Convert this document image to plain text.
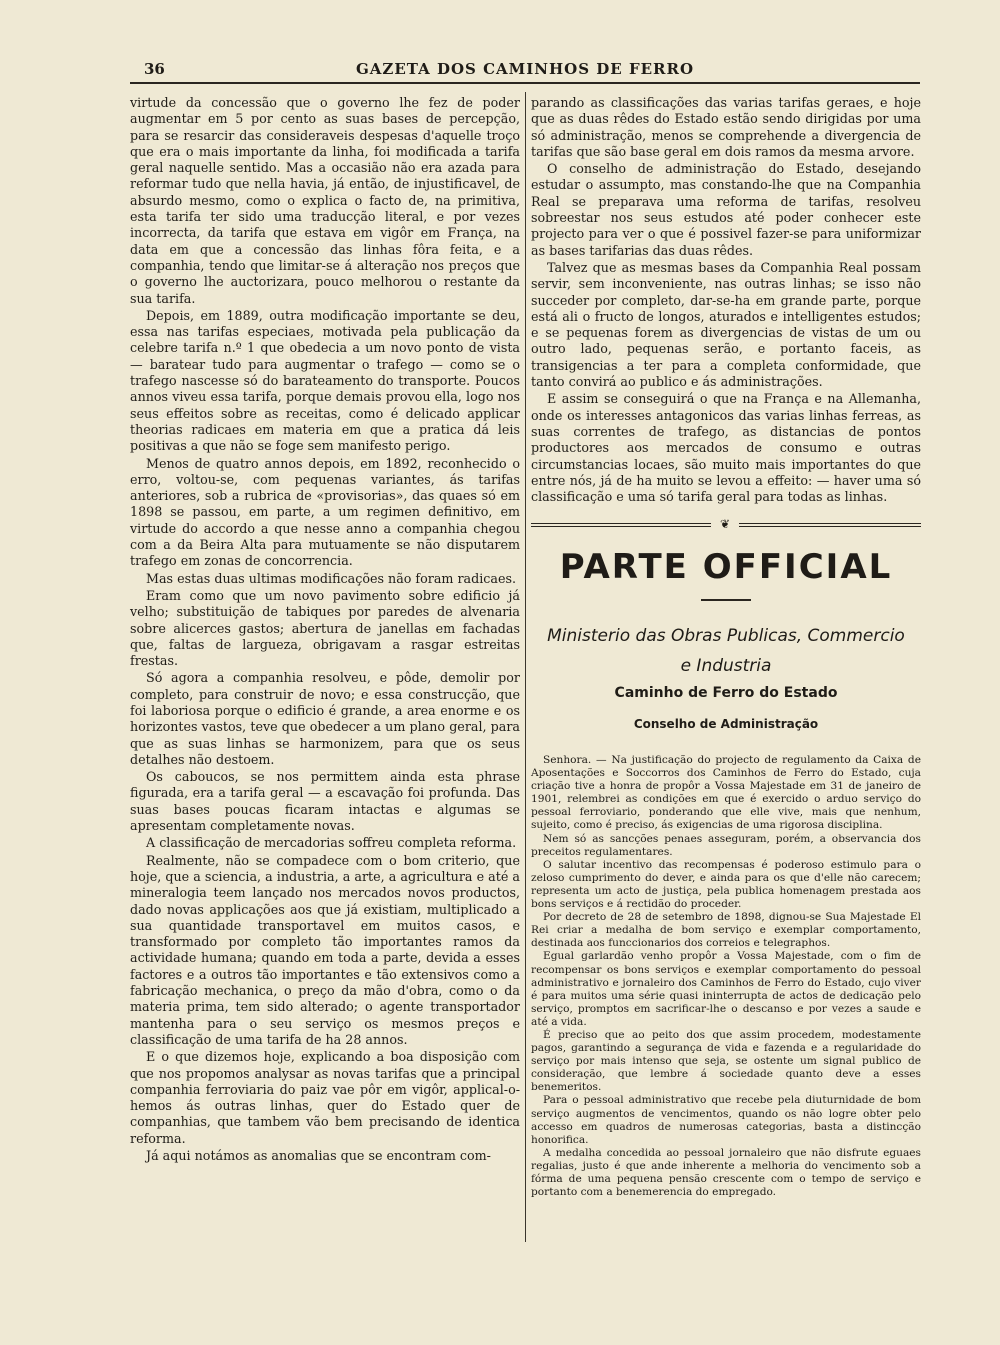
36	GAZETA DOS CAMINHOS DE FERRO

virtude da concessão que o governo lhe fez de poder augmentar em 5 por cento as suas bases de percepção, para se resarcir das consideraveis despesas d'aquelle troço que era o mais importante da linha, foi modificada a tarifa geral naquelle sentido. Mas a occasião não era azada para reformar tudo que nella havia, já então, de injustificavel, de absurdo mesmo, como o explica o facto de, na primitiva, esta tarifa ter sido uma traducção literal, e por vezes incorrecta, da tarifa que estava em vigôr em França, na data em que a concessão das linhas fôra feita, e a companhia, tendo que limitar-se á alteração nos preços que o governo lhe auctorizara, pouco melhorou o restante da sua tarifa.

Depois, em 1889, outra modificação importante se deu, essa nas tarifas especiaes, motivada pela publicação da celebre tarifa n.º 1 que obedecia a um novo ponto de vista — baratear tudo para augmentar o trafego — como se o trafego nascesse só do barateamento do transporte. Poucos annos viveu essa tarifa, porque demais provou ella, logo nos seus effeitos sobre as receitas, como é delicado applicar theorias radicaes em materia em que a pratica dá leis positivas a que não se foge sem manifesto perigo.

Menos de quatro annos depois, em 1892, reconhecido o erro, voltou-se, com pequenas variantes, ás tarifas anteriores, sob a rubrica de «provisorias», das quaes só em 1898 se passou, em parte, a um regimen definitivo, em virtude do accordo a que nesse anno a companhia chegou com a da Beira Alta para mutuamente se não disputarem trafego em zonas de concorrencia.

Mas estas duas ultimas modificações não foram radicaes.

Eram como que um novo pavimento sobre edificio já velho; substituição de tabiques por paredes de alvenaria sobre alicerces gastos; abertura de janellas em fachadas que, faltas de largueza, obrigavam a rasgar estreitas frestas.

Só agora a companhia resolveu, e pôde, demolir por completo, para construir de novo; e essa construcção, que foi laboriosa porque o edificio é grande, a area enorme e os horizontes vastos, teve que obedecer a um plano geral, para que as suas linhas se harmonizem, para que os seus detalhes não destoem.

Os caboucos, se nos permittem ainda esta phrase figurada, era a tarifa geral — a escavação foi profunda. Das suas bases poucas ficaram intactas e algumas se apresentam completamente novas.

A classificação de mercadorias soffreu completa reforma.

Realmente, não se compadece com o bom criterio, que hoje, que a sciencia, a industria, a arte, a agricultura e até a mineralogia teem lançado nos mercados novos productos, dado novas applicações aos que já existiam, multiplicado a sua quantidade transportavel em muitos casos, e transformado por completo tão importantes ramos da actividade humana; quando em toda a parte, devida a esses factores e a outros tão importantes e tão extensivos como a fabricação mechanica, o preço da mão d'obra, como o da materia prima, tem sido alterado; o agente transportador mantenha para o seu serviço os mesmos preços e classificação de uma tarifa de ha 28 annos.

E o que dizemos hoje, explicando a boa disposição com que nos propomos analysar as novas tarifas que a principal companhia ferroviaria do paiz vae pôr em vigôr, applical-o-hemos ás outras linhas, quer do Estado quer de companhias, que tambem vão bem precisando de identica reforma.

Já aqui notámos as anomalias que se encontram com-

parando as classificações das varias tarifas geraes, e hoje que as duas rêdes do Estado estão sendo dirigidas por uma só administração, menos se comprehende a divergencia de tarifas que são base geral em dois ramos da mesma arvore.

O conselho de administração do Estado, desejando estudar o assumpto, mas constando-lhe que na Companhia Real se preparava uma reforma de tarifas, resolveu sobreestar nos seus estudos até poder conhecer este projecto para ver o que é possivel fazer-se para uniformizar as bases tarifarias das duas rêdes.

Talvez que as mesmas bases da Companhia Real possam servir, sem inconveniente, nas outras linhas; se isso não succeder por completo, dar-se-ha em grande parte, porque está ali o fructo de longos, aturados e intelligentes estudos; e se pequenas forem as divergencias de vistas de um ou outro lado, pequenas serão, e portanto faceis, as transigencias a ter para a completa conformidade, que tanto convirá ao publico e ás administrações.

E assim se conseguirá o que na França e na Allemanha, onde os interesses antagonicos das varias linhas ferreas, as suas correntes de trafego, as distancias de pontos productores aos mercados de consumo e outras circumstancias locaes, são muito mais importantes do que entre nós, já de ha muito se levou a effeito: — haver uma só classificação e uma só tarifa geral para todas as linhas.

❦
PARTE OFFICIAL
Ministerio das Obras Publicas, Commercio
e Industria
Caminho de Ferro do Estado
Conselho de Administração

Senhora. — Na justificação do projecto de regulamento da Caixa de Aposentações e Soccorros dos Caminhos de Ferro do Estado, cuja criação tive a honra de propôr a Vossa Majestade em 31 de janeiro de 1901, relembrei as condições em que é exercido o arduo serviço do pessoal ferroviario, ponderando que elle vive, mais que nenhum, sujeito, como é preciso, ás exigencias de uma rigorosa disciplina.

Nem só as sancções penaes asseguram, porém, a observancia dos preceitos regulamentares.

O salutar incentivo das recompensas é poderoso estimulo para o zeloso cumprimento do dever, e ainda para os que d'elle não carecem; representa um acto de justiça, pela publica homenagem prestada aos bons serviços e á rectidão do proceder.

Por decreto de 28 de setembro de 1898, dignou-se Sua Majestade El Rei criar a medalha de bom serviço e exemplar comportamento, destinada aos funccionarios dos correios e telegraphos.

Egual garlardão venho propôr a Vossa Majestade, com o fim de recompensar os bons serviços e exemplar comportamento do pessoal administrativo e jornaleiro dos Caminhos de Ferro do Estado, cujo viver é para muitos uma série quasi ininterrupta de actos de dedicação pelo serviço, promptos em sacrificar-lhe o descanso e por vezes a saude e até a vida.

É preciso que ao peito dos que assim procedem, modestamente pagos, garantindo a segurança de vida e fazenda e a regularidade do serviço por mais intenso que seja, se ostente um signal publico de consideração, que lembre á sociedade quanto deve a esses benemeritos.

Para o pessoal administrativo que recebe pela diuturnidade de bom serviço augmentos de vencimentos, quando os não logre obter pelo accesso em quadros de numerosas categorias, basta a distincção honorifica.

A medalha concedida ao pessoal jornaleiro que não disfrute eguaes regalias, justo é que ande inherente a melhoria do vencimento sob a fórma de uma pequena pensão crescente com o tempo de serviço e portanto com a benemerencia do empregado.
